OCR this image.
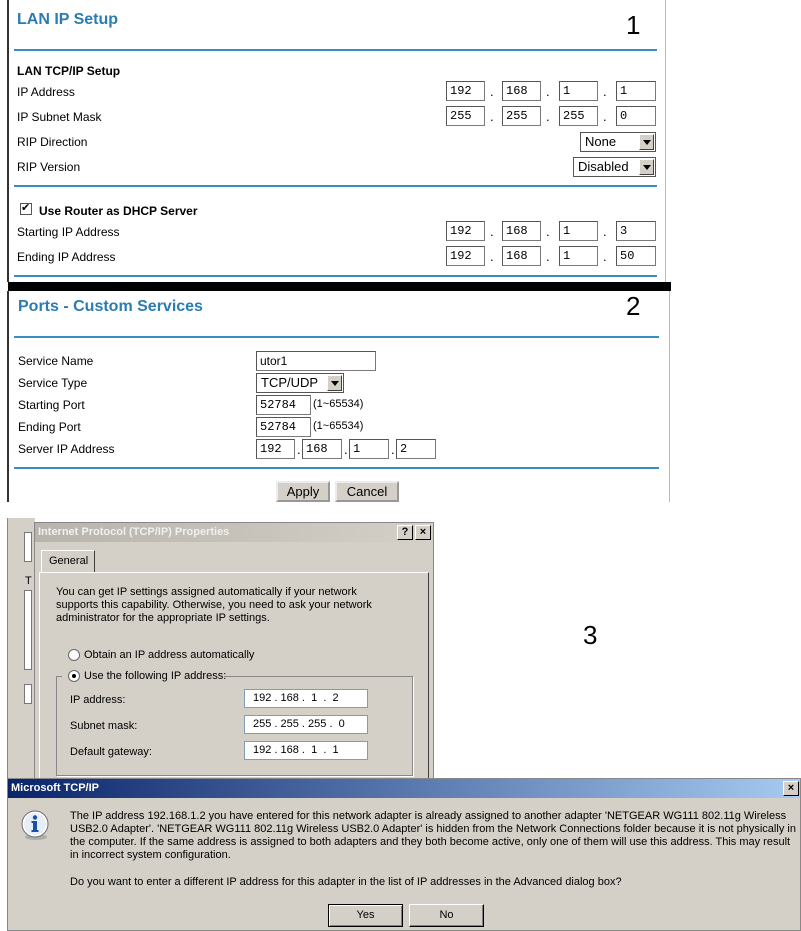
LAN IP Setup	1
LAN TCP/IP Setup
IP Address	192	.	168	.	1	.	1
IP Subnet Mask	255	.	255	.	255	.	0
RIP Direction	None
RIP Version	Disabled
✔
Use Router as DHCP Server
Starting IP Address	192	.	168	.	1	.	3
Ending IP Address	192	.	168	.	1	.	50
Ports - Custom Services	2
Service Name	utor1
Service Type	TCP/UDP
Starting Port	52784	(1~65534)
Ending Port	52784	(1~65534)
Server IP Address	192	. 168	. 1	. 2
Apply	Cancel
T
Internet Protocol (TCP/IP) Properties	?	×
General
You can get IP settings assigned automatically if your network supports this capability. Otherwise, you need to ask your network administrator for the appropriate IP settings.
Obtain an IP address automatically
Use the following IP address:
IP address:	192 . 168 .  1  .  2
Subnet mask:	255 . 255 . 255 .  0
Default gateway:	192 . 168 .  1  .  1
3
Microsoft TCP/IP	×
The IP address 192.168.1.2 you have entered for this network adapter is already assigned to another adapter 'NETGEAR WG111 802.11g Wireless USB2.0 Adapter'. 'NETGEAR WG111 802.11g Wireless USB2.0 Adapter' is hidden from the Network Connections folder because it is not physically in the computer. If the same address is assigned to both adapters and they both become active, only one of them will use this address. This may result in incorrect system configuration.
Do you want to enter a different IP address for this adapter in the list of IP addresses in the Advanced dialog box?
Yes	No
